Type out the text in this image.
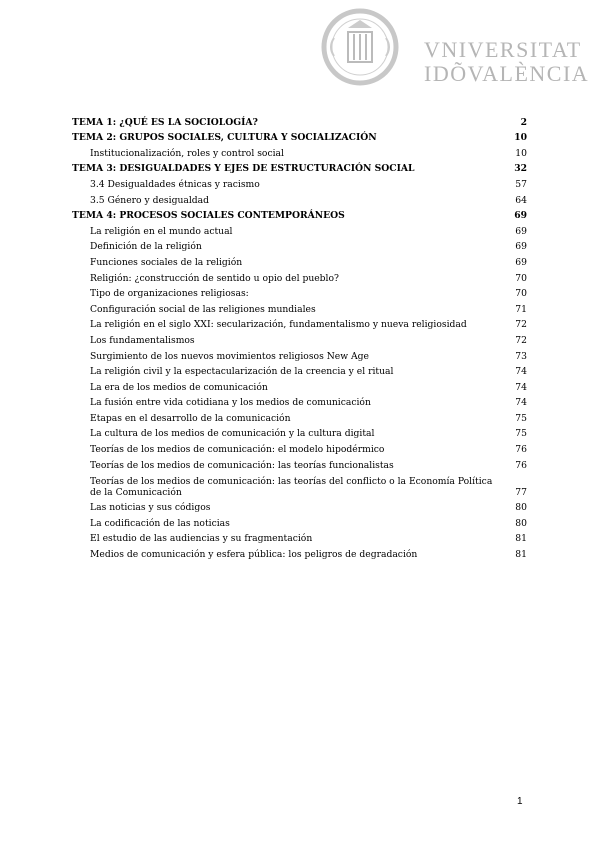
VNIVERSITAT
IDÕVALÈNCIA
TEMA 1: ¿QUÉ ES LA SOCIOLOGÍA?	2
TEMA 2: GRUPOS SOCIALES, CULTURA Y SOCIALIZACIÓN	10
Institucionalización, roles y control social	10
TEMA 3: DESIGUALDADES Y EJES DE ESTRUCTURACIÓN SOCIAL	32
3.4 Desigualdades étnicas y racismo	57
3.5 Género y desigualdad	64
TEMA 4: PROCESOS SOCIALES CONTEMPORÁNEOS	69
La religión en el mundo actual	69
Definición de la religión	69
Funciones sociales de la religión	69
Religión: ¿construcción de sentido u opio del pueblo?	70
Tipo de organizaciones religiosas:	70
Configuración social de las religiones mundiales	71
La religión en el siglo XXI: secularización, fundamentalismo y nueva religiosidad	72
Los fundamentalismos	72
Surgimiento de los nuevos movimientos religiosos New Age	73
La religión civil y la espectacularización de la creencia y el ritual	74
La era de los medios de comunicación	74
La fusión entre vida cotidiana y los medios de comunicación	74
Etapas en el desarrollo de la comunicación	75
La cultura de los medios de comunicación y la cultura digital	75
Teorías de los medios de comunicación: el modelo hipodérmico	76
Teorías de los medios de comunicación: las teorías funcionalistas	76
Teorías de los medios de comunicación: las teorías del conflicto o la Economía Política de la Comunicación	77
Las noticias y sus códigos	80
La codificación de las noticias	80
El estudio de las audiencias y su fragmentación	81
Medios de comunicación y esfera pública: los peligros de degradación	81
1
